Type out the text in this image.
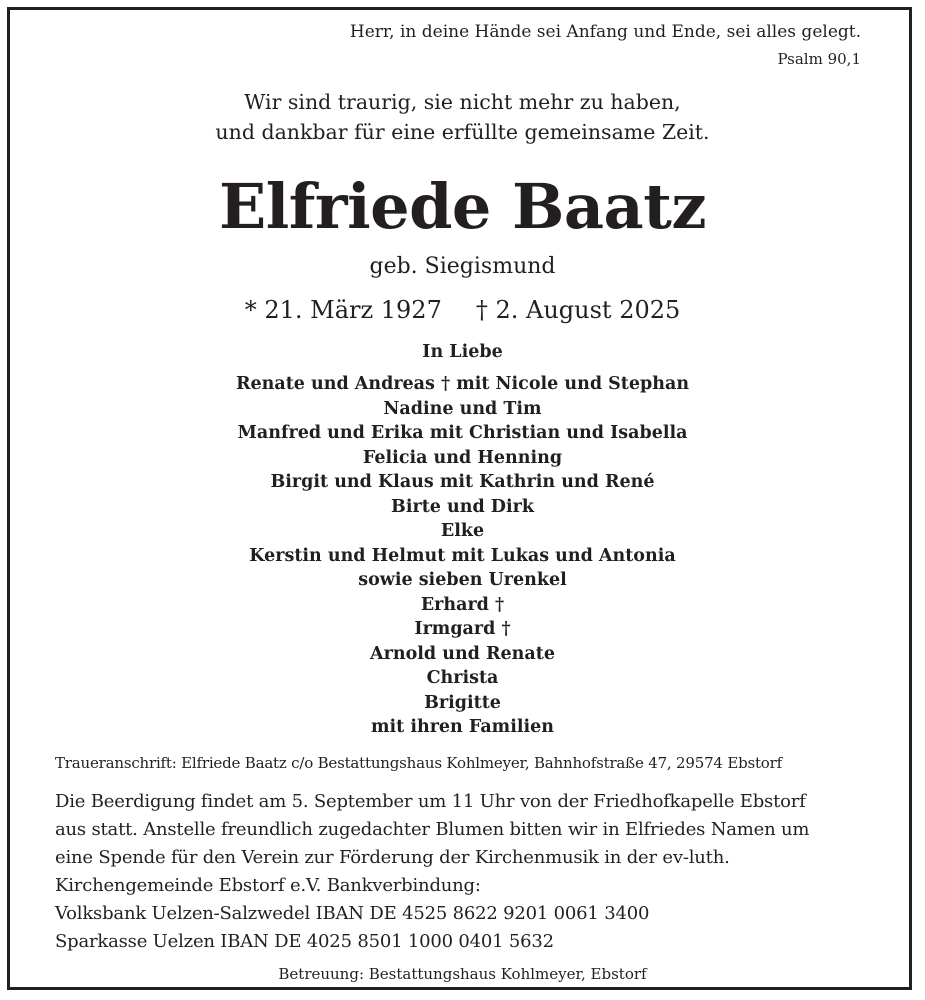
Herr, in deine Hände sei Anfang und Ende, sei alles gelegt.
Psalm 90,1
Wir sind traurig, sie nicht mehr zu haben,
und dankbar für eine erfüllte gemeinsame Zeit.
Elfriede Baatz
geb. Siegismund
* 21. März 1927 † 2. August 2025
In Liebe
Renate und Andreas † mit Nicole und Stephan
Nadine und Tim
Manfred und Erika mit Christian und Isabella
Felicia und Henning
Birgit und Klaus mit Kathrin und René
Birte und Dirk
Elke
Kerstin und Helmut mit Lukas und Antonia
sowie sieben Urenkel
Erhard †
Irmgard †
Arnold und Renate
Christa
Brigitte
mit ihren Familien
Traueranschrift: Elfriede Baatz c/o Bestattungshaus Kohlmeyer, Bahnhofstraße 47, 29574 Ebstorf
Die Beerdigung findet am 5. September um 11 Uhr von der Friedhofkapelle Ebstorf
aus statt. Anstelle freundlich zugedachter Blumen bitten wir in Elfriedes Namen um
eine Spende für den Verein zur Förderung der Kirchenmusik in der ev-luth.
Kirchengemeinde Ebstorf e.V. Bankverbindung:
Volksbank Uelzen-Salzwedel IBAN DE 4525 8622 9201 0061 3400
Sparkasse Uelzen IBAN DE 4025 8501 1000 0401 5632
Betreuung: Bestattungshaus Kohlmeyer, Ebstorf
